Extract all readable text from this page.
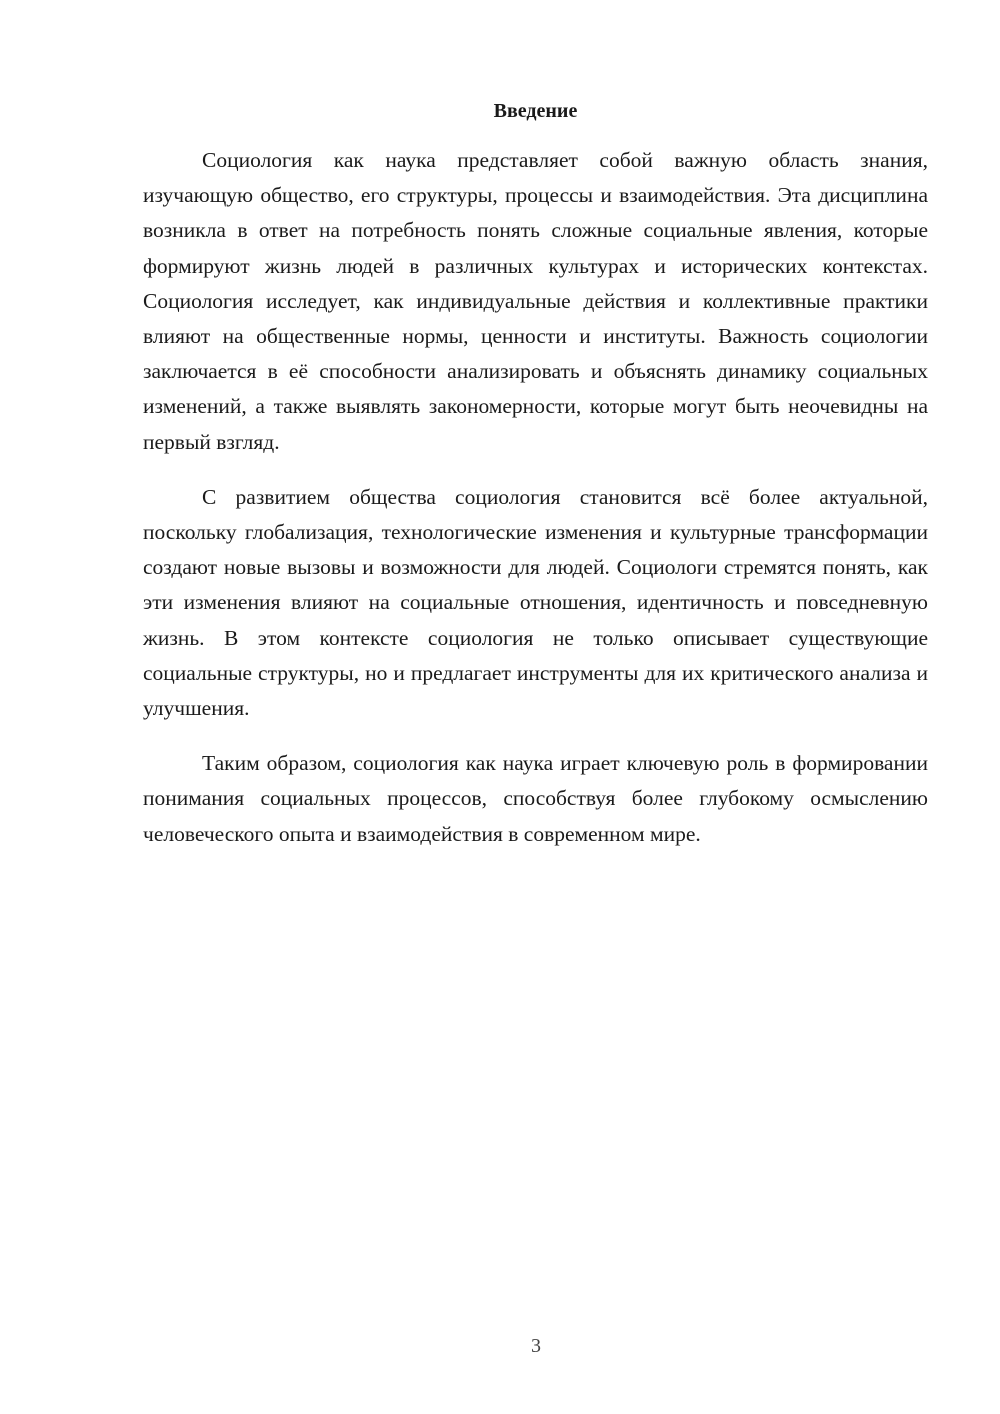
Введение

Социология как наука представляет собой важную область знания, изучающую общество, его структуры, процессы и взаимодействия. Эта дисциплина возникла в ответ на потребность понять сложные социальные явления, которые формируют жизнь людей в различных культурах и исторических контекстах. Социология исследует, как индивидуальные действия и коллективные практики влияют на общественные нормы, ценности и институты. Важность социологии заключается в её способности анализировать и объяснять динамику социальных изменений, а также выявлять закономерности, которые могут быть неочевидны на первый взгляд.

С развитием общества социология становится всё более актуальной, поскольку глобализация, технологические изменения и культурные трансформации создают новые вызовы и возможности для людей. Социологи стремятся понять, как эти изменения влияют на социальные отношения, идентичность и повседневную жизнь. В этом контексте социология не только описывает существующие социальные структуры, но и предлагает инструменты для их критического анализа и улучшения.

Таким образом, социология как наука играет ключевую роль в формировании понимания социальных процессов, способствуя более глубокому осмыслению человеческого опыта и взаимодействия в современном мире.

3
